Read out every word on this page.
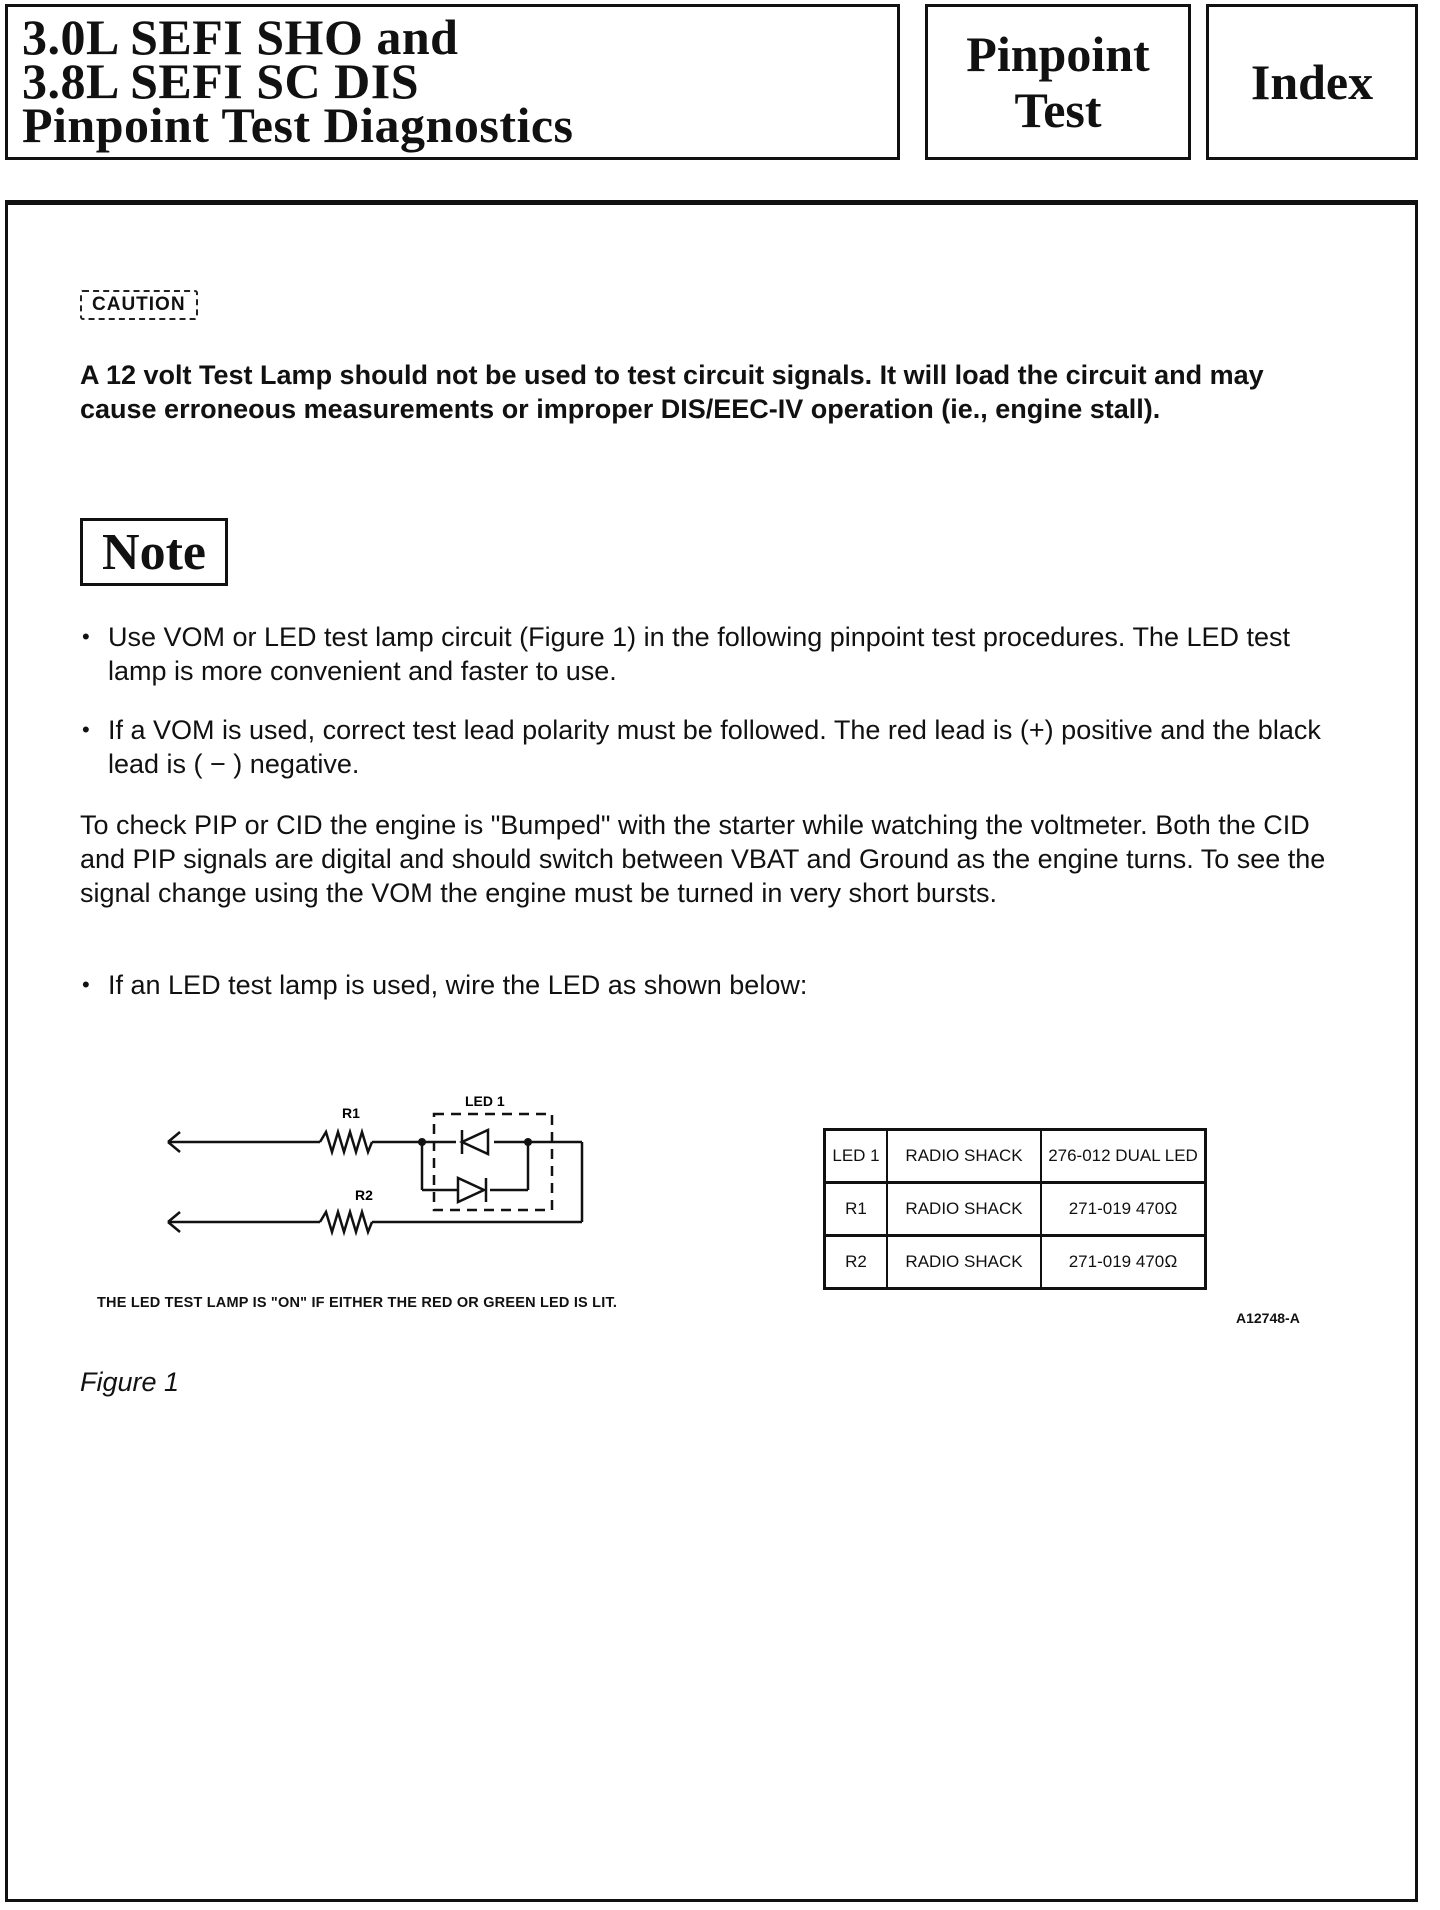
3.0L SEFI SHO and
3.8L SEFI SC DIS
Pinpoint Test Diagnostics
Pinpoint
Test	Index
CAUTION

A 12 volt Test Lamp should not be used to test circuit signals. It will load the circuit and may cause erroneous measurements or improper DIS/EEC-IV operation (ie., engine stall).

Note
• Use VOM or LED test lamp circuit (Figure 1) in the following pinpoint test procedures. The LED test lamp is more convenient and faster to use.
• If a VOM is used, correct test lead polarity must be followed. The red lead is (+) positive and the black lead is ( − ) negative.

To check PIP or CID the engine is "Bumped" with the starter while watching the voltmeter. Both the CID and PIP signals are digital and should switch between VBAT and Ground as the engine turns. To see the signal change using the VOM the engine must be turned in very short bursts.

• If an LED test lamp is used, wire the LED as shown below:
R1
R2
LED 1
THE LED TEST LAMP IS "ON" IF EITHER THE RED OR GREEN LED IS LIT.
LED 1	RADIO SHACK	276-012 DUAL LED
R1	RADIO SHACK	271-019 470Ω
R2	RADIO SHACK	271-019 470Ω
A12748-A
Figure 1
